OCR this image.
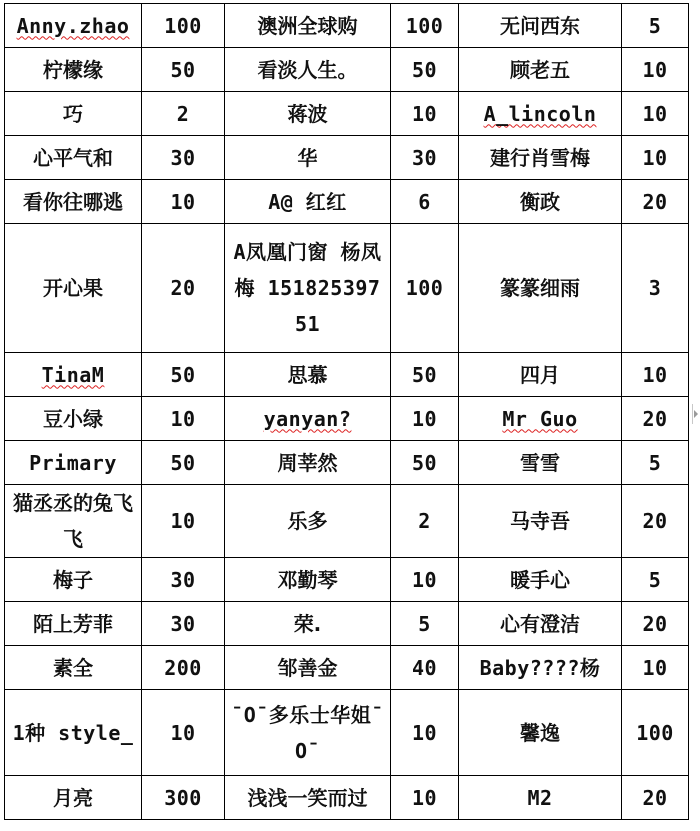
Anny.zhao	100	澳洲全球购	100	无问西东	5
柠檬缘	50	看淡人生。	50	顾老五	10
巧	2	蒋波	10	A_lincoln	10
心平气和	30	华	30	建行肖雪梅	10
看你往哪逃	10	A@ 红红	6	衡政	20
开心果	20	A凤凰门窗 杨凤梅 15182539751	100	篆篆细雨	3
TinaM	50	思慕	50	四月	10
豆小绿	10	yanyan?	10	Mr Guo	20
Primary	50	周莘然	50	雪雪	5
猫丞丞的兔飞飞	10	乐多	2	马寺吾	20
梅子	30	邓勤琴	10	暖手心	5
陌上芳菲	30	荣.	5	心有澄洁	20
素全	200	邹善金	40	Baby????杨	10
1种 style_	10	¯O¯多乐士华姐¯O¯	10	馨逸	100
月亮	300	浅浅一笑而过	10	M2	20
